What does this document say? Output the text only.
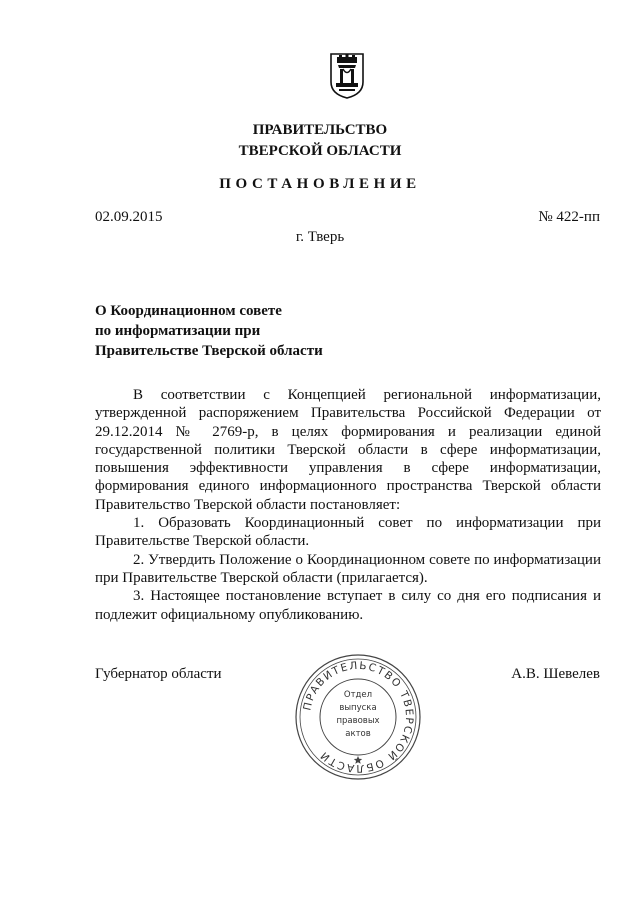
ПРАВИТЕЛЬСТВО
ТВЕРСКОЙ ОБЛАСТИ
ПОСТАНОВЛЕНИЕ
02.09.2015	№ 422-пп
г. Тверь
О Координационном совете
по информатизации при
Правительстве Тверской области

В соответствии с Концепцией региональной информатизации, утвержденной распоряжением Правительства Российской Федерации от 29.12.2014 № 2769-р, в целях формирования и реализации единой государственной политики Тверской области в сфере информатизации, повышения эффективности управления в сфере информатизации, формирования единого информационного пространства Тверской области Правительство Тверской области постановляет:

1. Образовать Координационный совет по информатизации при Правительстве Тверской области.

2. Утвердить Положение о Координационном совете по информатизации при Правительстве Тверской области (прилагается).

3. Настоящее постановление вступает в силу со дня его подписания и подлежит официальному опубликованию.

Губернатор области	А.В. Шевелев
ПРАВИТЕЛЬСТВО ТВЕРСКОЙ ОБЛАСТИ
Отдел
выпуска
правовых
актов
